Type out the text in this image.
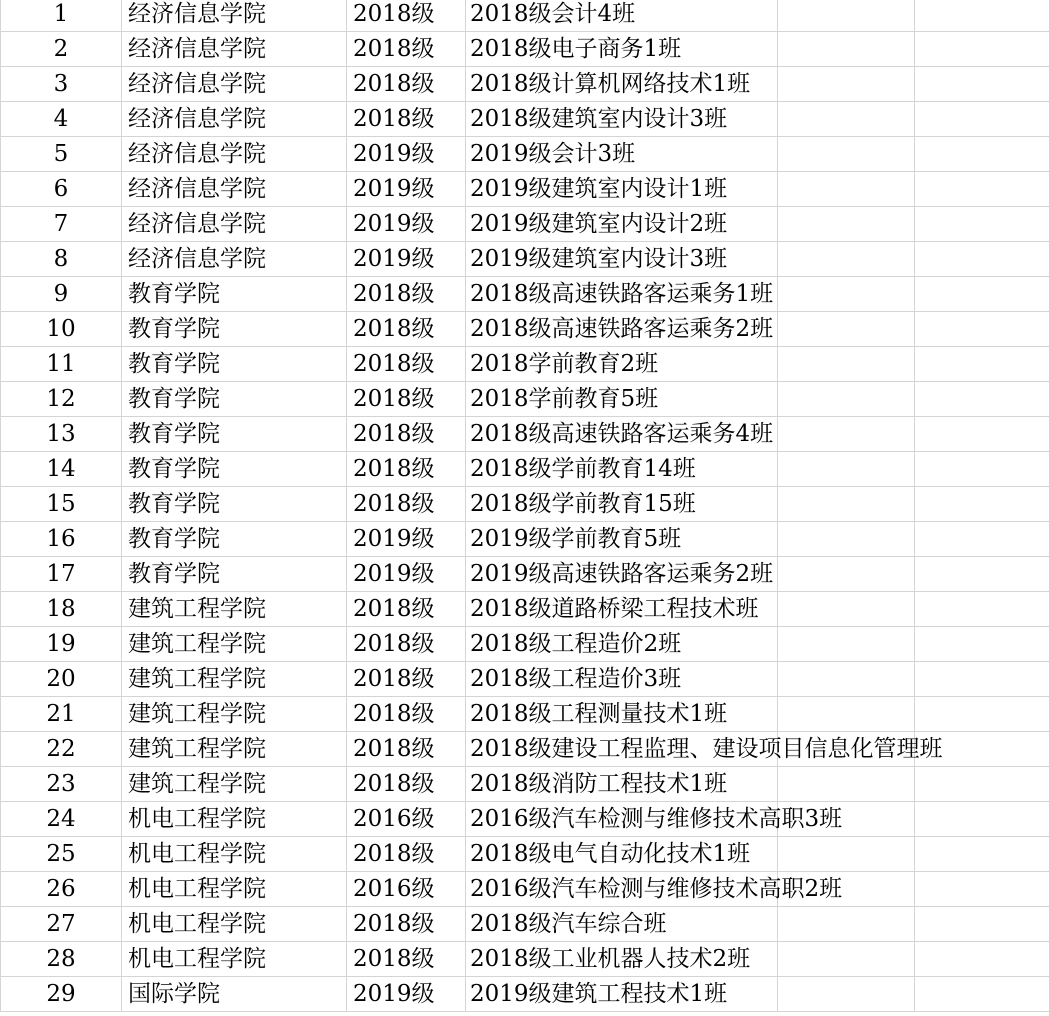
1	经济信息学院	2018级	2018级会计4班		
2	经济信息学院	2018级	2018级电子商务1班		
3	经济信息学院	2018级	2018级计算机网络技术1班		
4	经济信息学院	2018级	2018级建筑室内设计3班		
5	经济信息学院	2019级	2019级会计3班		
6	经济信息学院	2019级	2019级建筑室内设计1班		
7	经济信息学院	2019级	2019级建筑室内设计2班		
8	经济信息学院	2019级	2019级建筑室内设计3班		
9	教育学院	2018级	2018级高速铁路客运乘务1班		
10	教育学院	2018级	2018级高速铁路客运乘务2班		
11	教育学院	2018级	2018学前教育2班		
12	教育学院	2018级	2018学前教育5班		
13	教育学院	2018级	2018级高速铁路客运乘务4班		
14	教育学院	2018级	2018级学前教育14班		
15	教育学院	2018级	2018级学前教育15班		
16	教育学院	2019级	2019级学前教育5班		
17	教育学院	2019级	2019级高速铁路客运乘务2班		
18	建筑工程学院	2018级	2018级道路桥梁工程技术班		
19	建筑工程学院	2018级	2018级工程造价2班		
20	建筑工程学院	2018级	2018级工程造价3班		
21	建筑工程学院	2018级	2018级工程测量技术1班		
22	建筑工程学院	2018级	2018级建设工程监理、建设项目信息化管理班		
23	建筑工程学院	2018级	2018级消防工程技术1班		
24	机电工程学院	2016级	2016级汽车检测与维修技术高职3班		
25	机电工程学院	2018级	2018级电气自动化技术1班		
26	机电工程学院	2016级	2016级汽车检测与维修技术高职2班		
27	机电工程学院	2018级	2018级汽车综合班		
28	机电工程学院	2018级	2018级工业机器人技术2班		
29	国际学院	2019级	2019级建筑工程技术1班		
